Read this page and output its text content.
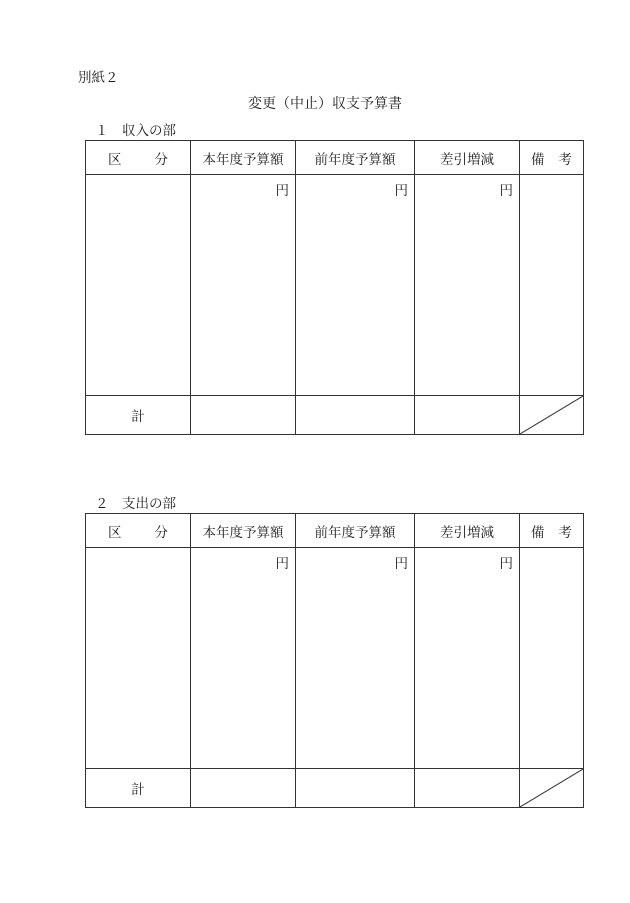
別紙２
変更（中止）収支予算書
１　収入の部
区 分	本年度予算額	前年度予算額	差引増減	備 考

	円	円	円	

計				
２　支出の部
区 分	本年度予算額	前年度予算額	差引増減	備 考

	円	円	円	

計				
